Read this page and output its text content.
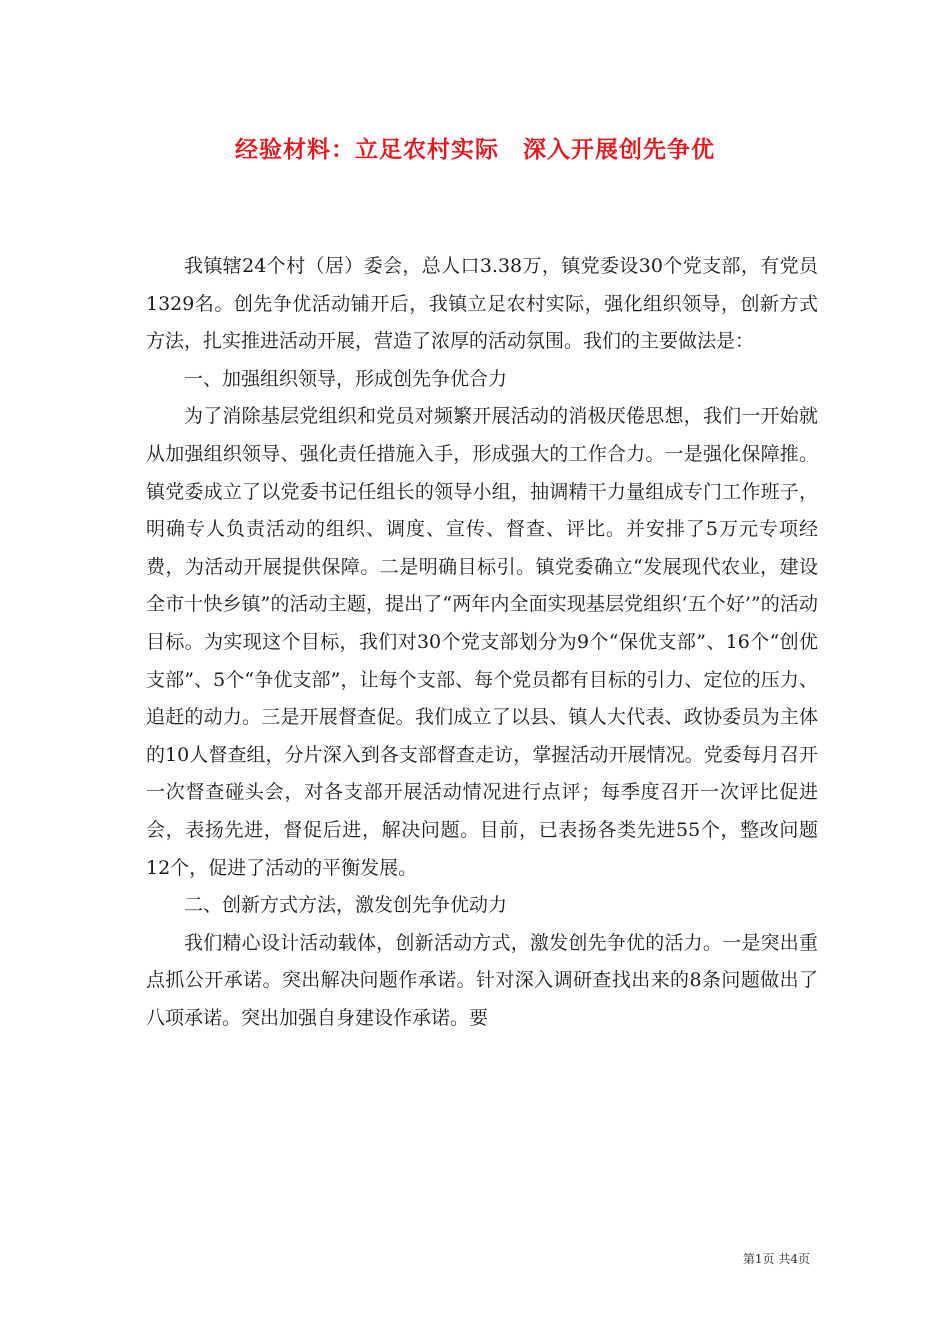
经验材料：立足农村实际　深入开展创先争优

我镇辖24个村（居）委会，总人口3.38万，镇党委设30个党支部，有党员1329名。创先争优活动铺开后，我镇立足农村实际，强化组织领导，创新方式方法，扎实推进活动开展，营造了浓厚的活动氛围。我们的主要做法是：

一、加强组织领导，形成创先争优合力

为了消除基层党组织和党员对频繁开展活动的消极厌倦思想，我们一开始就从加强组织领导、强化责任措施入手，形成强大的工作合力。一是强化保障推。镇党委成立了以党委书记任组长的领导小组，抽调精干力量组成专门工作班子，明确专人负责活动的组织、调度、宣传、督查、评比。并安排了5万元专项经费，为活动开展提供保障。二是明确目标引。镇党委确立“发展现代农业，建设全市十快乡镇”的活动主题，提出了“两年内全面实现基层党组织‘五个好’”的活动目标。为实现这个目标，我们对30个党支部划分为9个“保优支部”、16个“创优支部”、5个“争优支部”，让每个支部、每个党员都有目标的引力、定位的压力、追赶的动力。三是开展督查促。我们成立了以县、镇人大代表、政协委员为主体的10人督查组，分片深入到各支部督查走访，掌握活动开展情况。党委每月召开一次督查碰头会，对各支部开展活动情况进行点评；每季度召开一次评比促进会，表扬先进，督促后进，解决问题。目前，已表扬各类先进55个，整改问题12个，促进了活动的平衡发展。

二、创新方式方法，激发创先争优动力

我们精心设计活动载体，创新活动方式，激发创先争优的活力。一是突出重点抓公开承诺。突出解决问题作承诺。针对深入调研查找出来的8条问题做出了八项承诺。突出加强自身建设作承诺。要

第1页 共4页
